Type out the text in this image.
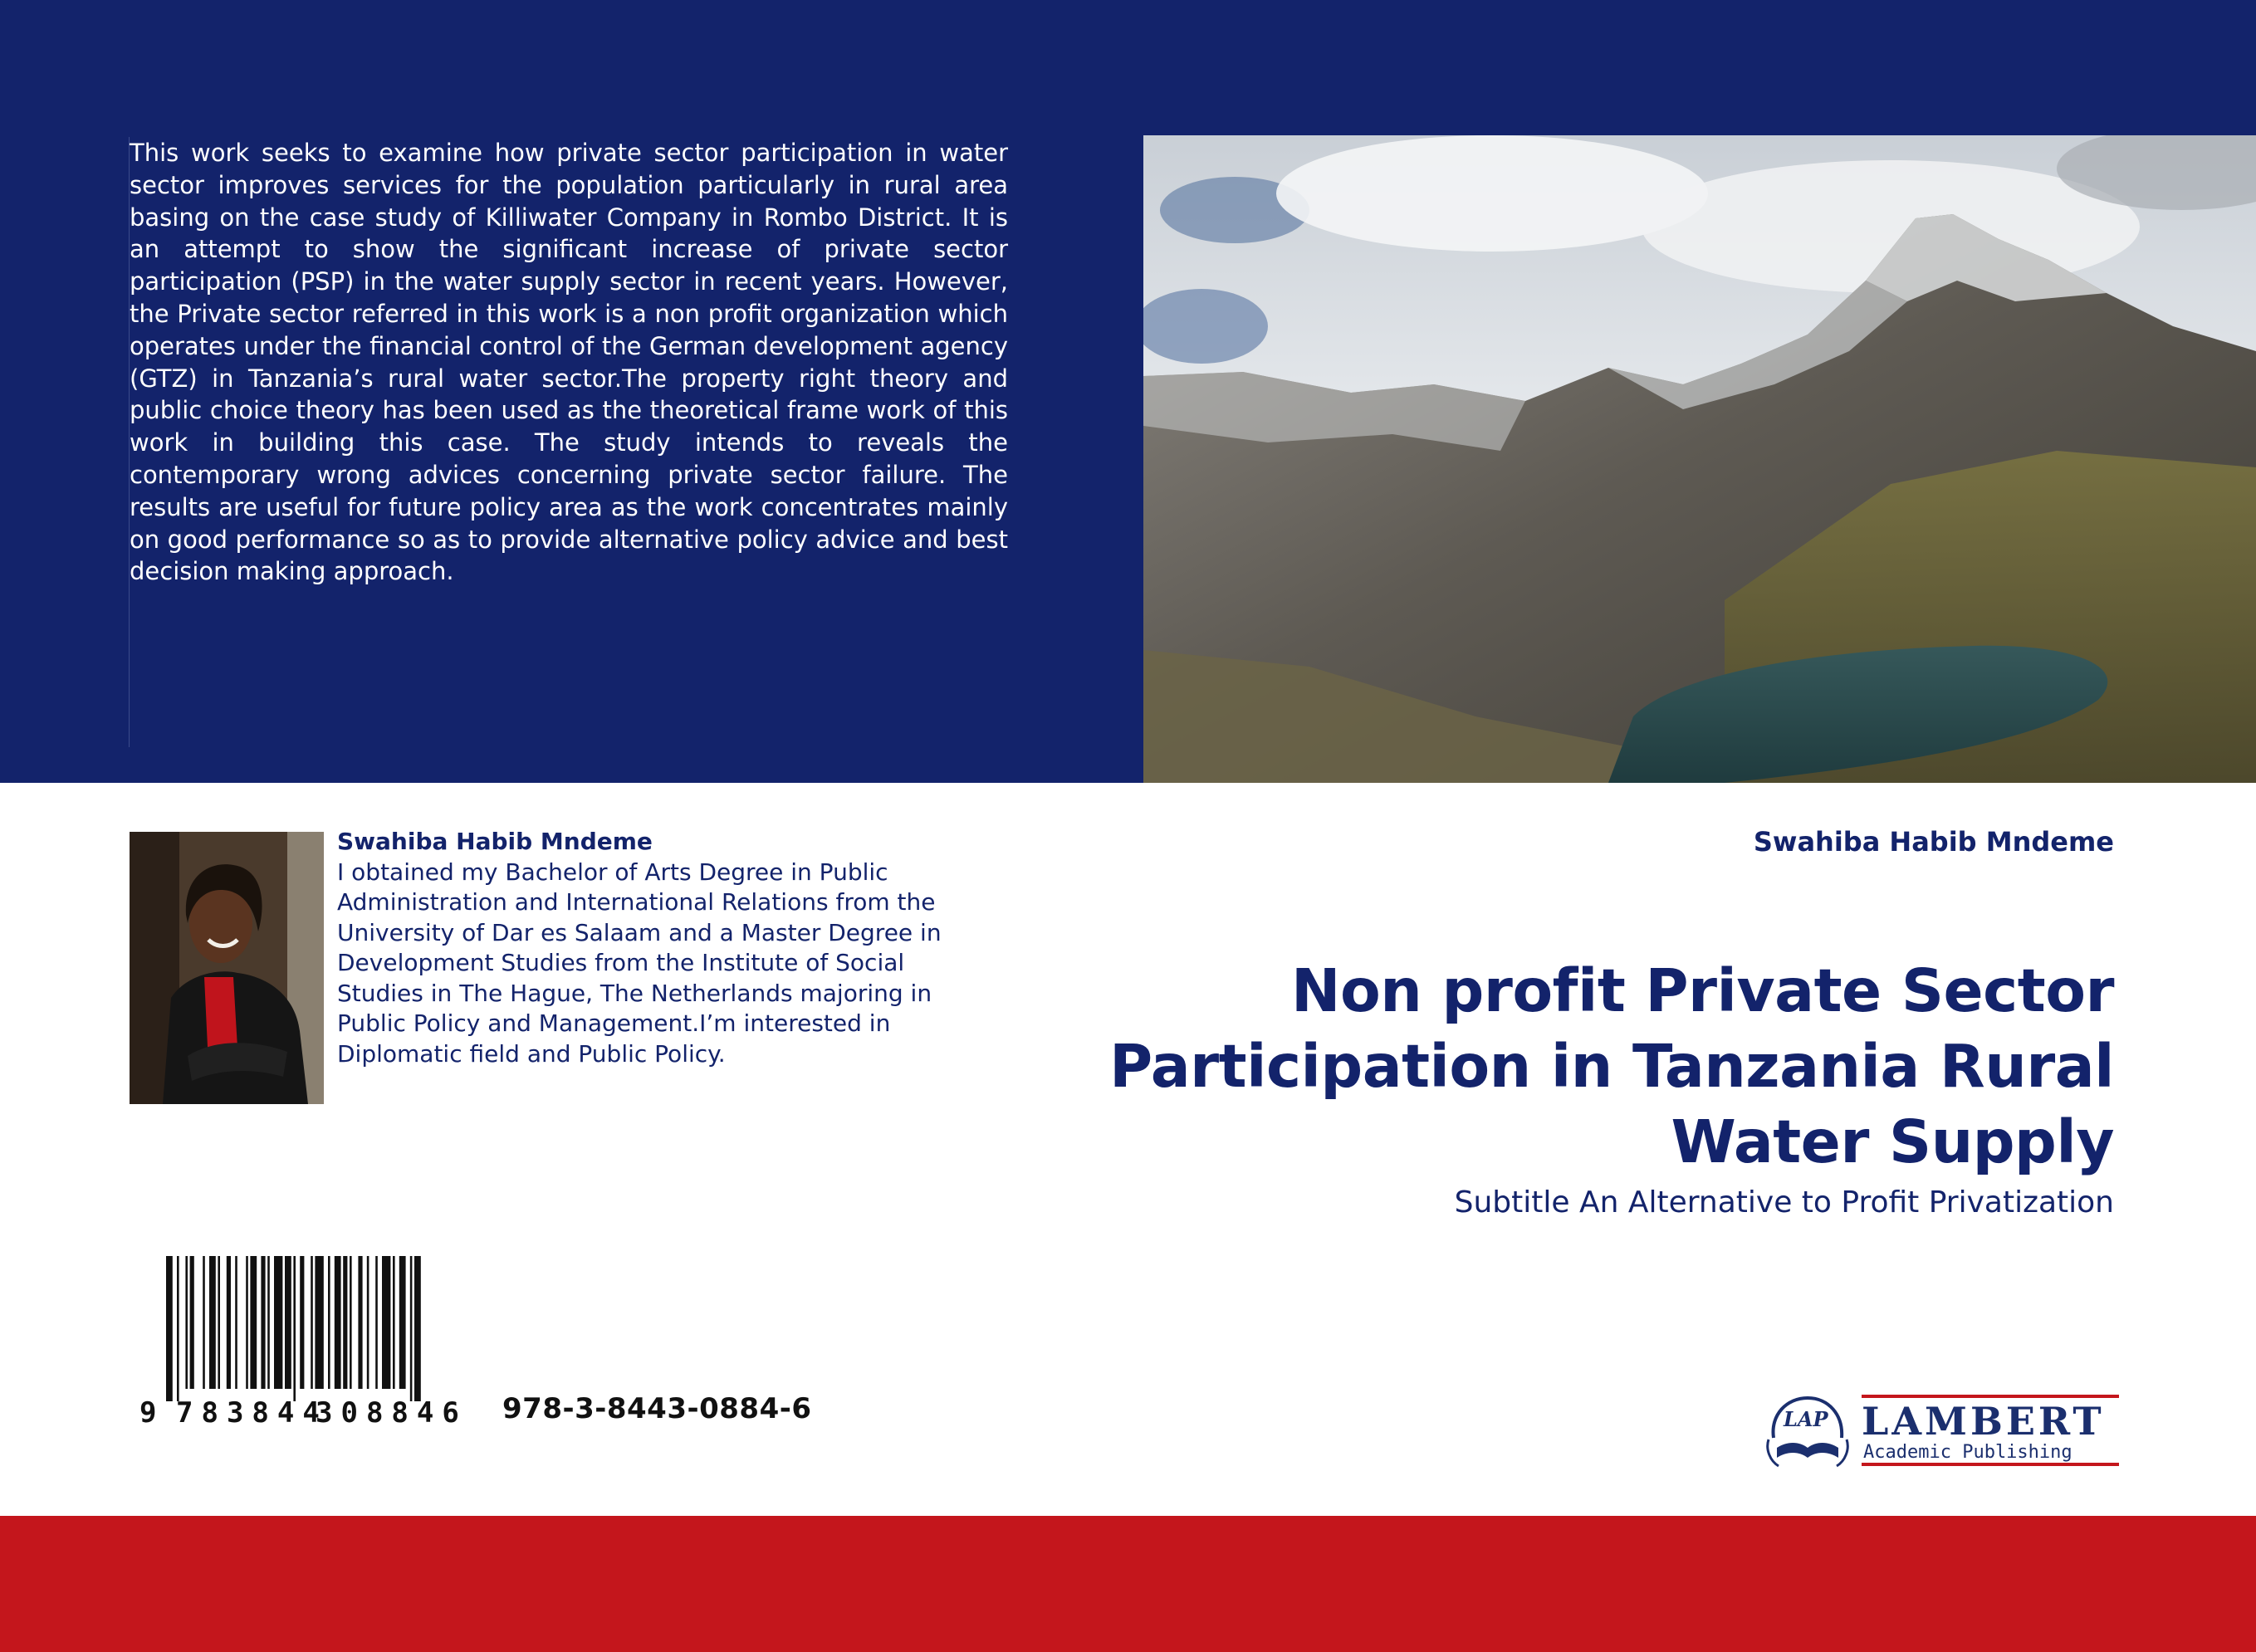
This work seeks to examine how private sector participation in water sector improves services for the population particularly in rural area basing on the case study of Killiwater Company in Rombo District. It is an attempt to show the significant increase of private sector participation (PSP) in the water supply sector in recent years. However, the Private sector referred in this work is a non profit organization which operates under the financial control of the German development agency (GTZ) in Tanzania’s rural water sector.The property right theory and public choice theory has been used as the theoretical frame work of this work in building this case. The study intends to reveals the contemporary wrong advices concerning private sector failure. The results are useful for future policy area as the work concentrates mainly on good performance so as to provide alternative policy advice and best decision making approach.
Swahiba Habib Mndeme
I obtained my Bachelor of Arts Degree in Public Administration and International Relations from the University of Dar es Salaam and a Master Degree in Development Studies from the Institute of Social Studies in The Hague, The Netherlands majoring in Public Policy and Management.I’m interested in Diplomatic field and Public Policy.
9 783844
308846 978-3-8443-0884-6
Swahiba Habib Mndeme
Non profit Private Sector Participation in Tanzania Rural Water Supply
Subtitle An Alternative to Profit Privatization
LAP LAMBERT
Academic Publishing
